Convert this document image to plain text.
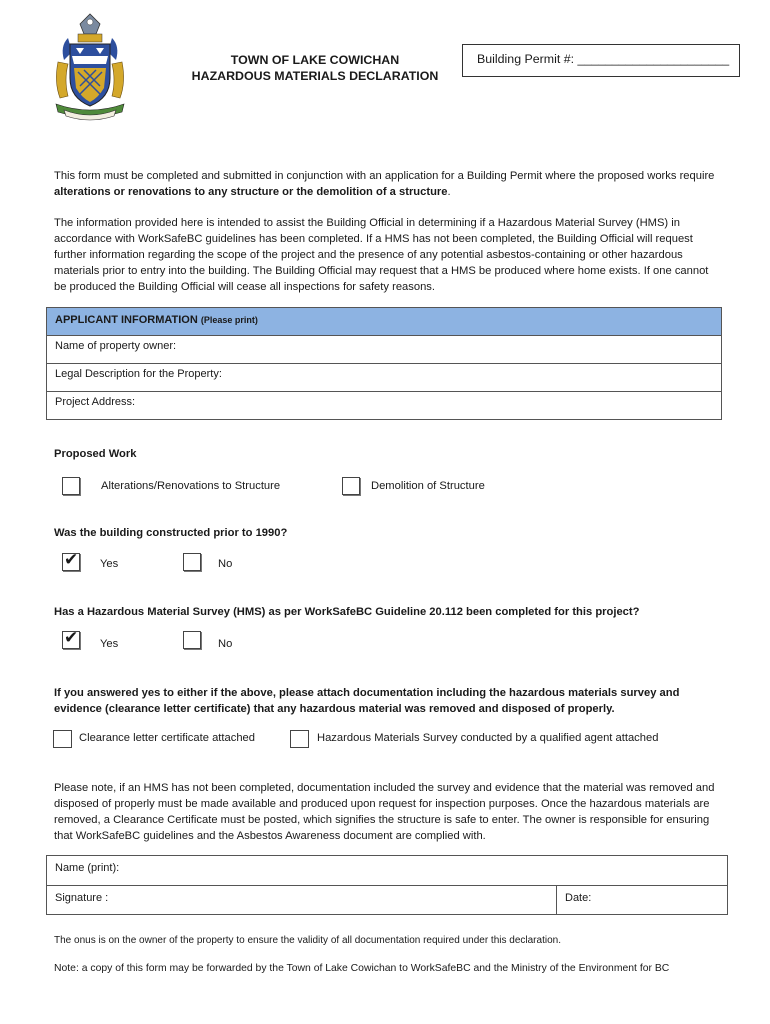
TOWN OF LAKE COWICHAN
HAZARDOUS MATERIALS DECLARATION
Building Permit #: ______________________
This form must be completed and submitted in conjunction with an application for a Building Permit where the proposed works require alterations or renovations to any structure or the demolition of a structure.
The information provided here is intended to assist the Building Official in determining if a Hazardous Material Survey (HMS) in accordance with WorkSafeBC guidelines has been completed. If a HMS has not been completed, the Building Official will request further information regarding the scope of the project and the presence of any potential asbestos-containing or other hazardous materials prior to entry into the building. The Building Official may request that a HMS be produced where home exists. If one cannot be produced the Building Official will cease all inspections for safety reasons.
APPLICANT INFORMATION (Please print)
Name of property owner:
Legal Description for the Property:
Project Address:
Proposed Work
Alterations/Renovations to Structure	Demolition of Structure
Was the building constructed prior to 1990?
✔ Yes	No
Has a Hazardous Material Survey (HMS) as per WorkSafeBC Guideline 20.112 been completed for this project?
✔ Yes	No
If you answered yes to either if the above, please attach documentation including the hazardous materials survey and evidence (clearance letter certificate) that any hazardous material was removed and disposed of properly.
Clearance letter certificate attached	Hazardous Materials Survey conducted by a qualified agent attached
Please note, if an HMS has not been completed, documentation included the survey and evidence that the material was removed and disposed of properly must be made available and produced upon request for inspection purposes. Once the hazardous materials are removed, a Clearance Certificate must be posted, which signifies the structure is safe to enter. The owner is responsible for ensuring that WorkSafeBC guidelines and the Asbestos Awareness document are complied with.
Name (print):
Signature :	Date:
The onus is on the owner of the property to ensure the validity of all documentation required under this declaration.
Note: a copy of this form may be forwarded by the Town of Lake Cowichan to WorkSafeBC and the Ministry of the Environment for BC
